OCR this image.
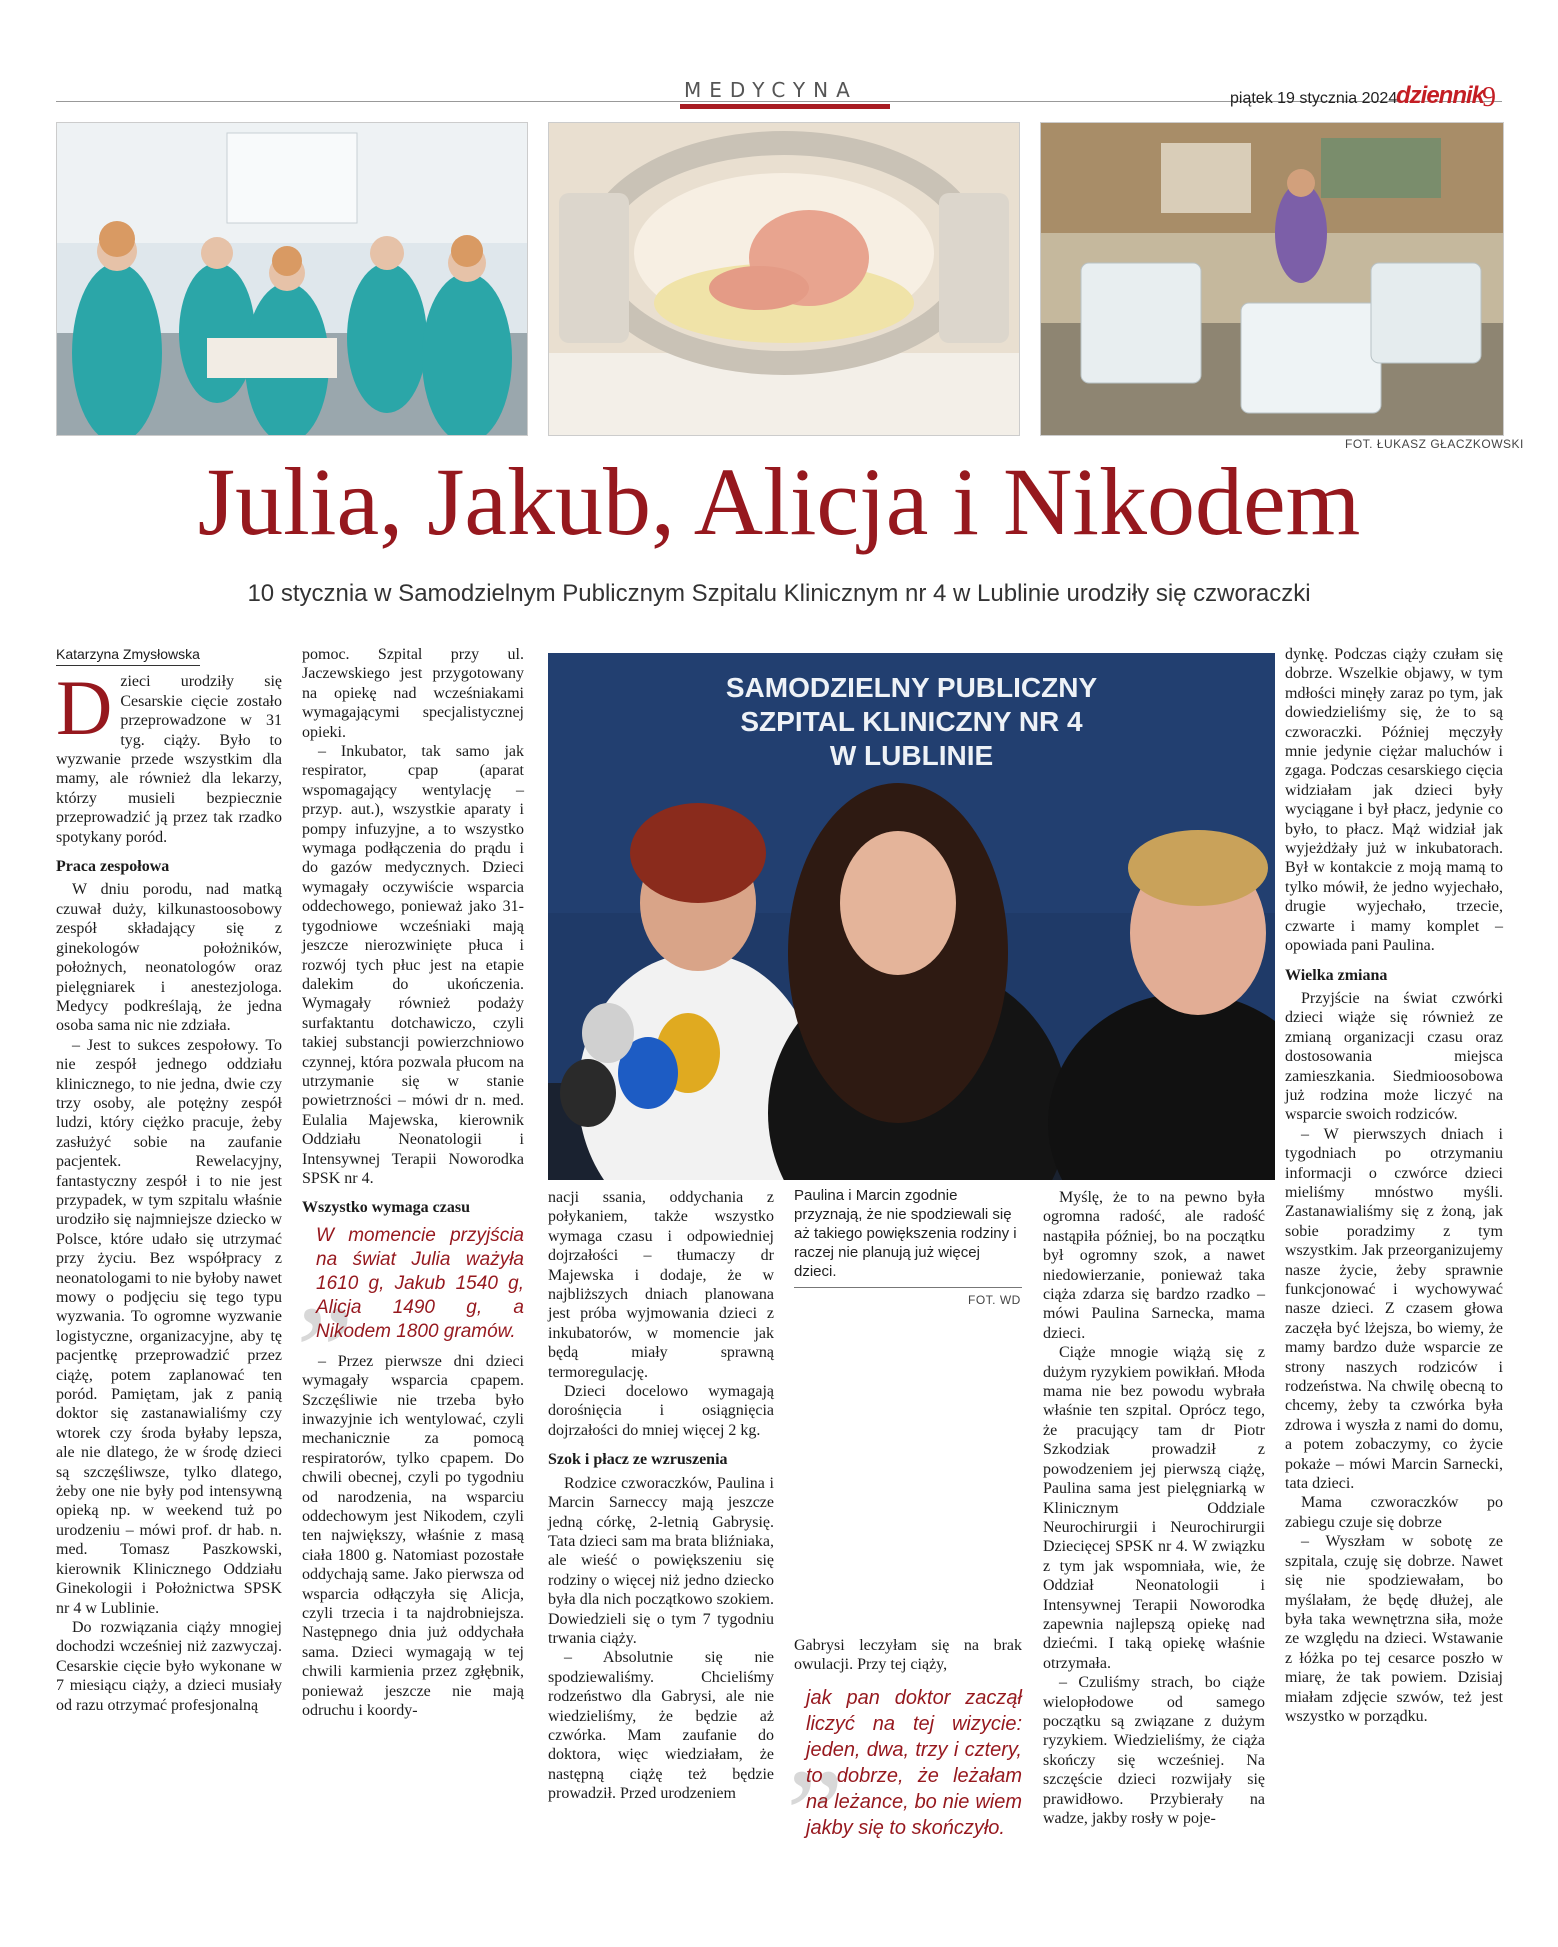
MEDYCYNA	piątek 19 stycznia 2024
dziennik
9
FOT. ŁUKASZ GŁACZKOWSKI
Julia, Jakub, Alicja i Nikodem
10 stycznia w Samodzielnym Publicznym Szpitalu Klinicznym nr 4 w Lublinie urodziły się czworaczki
Katarzyna Zmysłowska

Dzieci urodziły się Cesarskie cięcie zostało przeprowadzone w 31 tyg. ciąży. Było to wyzwanie przede wszystkim dla mamy, ale również dla lekarzy, którzy musieli bezpiecznie przeprowadzić ją przez tak rzadko spotykany poród.

Praca zespołowa

W dniu porodu, nad matką czuwał duży, kilkunastoosobowy zespół składający się z ginekologów położników, położnych, neonatologów oraz pielęgniarek i anestezjologa. Medycy podkreślają, że jedna osoba sama nic nie zdziała.

– Jest to sukces zespołowy. To nie zespół jednego oddziału klinicznego, to nie jedna, dwie czy trzy osoby, ale potężny zespół ludzi, który ciężko pracuje, żeby zasłużyć sobie na zaufanie pacjentek. Rewelacyjny, fantastyczny zespół i to nie jest przypadek, w tym szpitalu właśnie urodziło się najmniejsze dziecko w Polsce, które udało się utrzymać przy życiu. Bez współpracy z neonatologami to nie byłoby nawet mowy o podjęciu się tego typu wyzwania. To ogromne wyzwanie logistyczne, organizacyjne, aby tę pacjentkę przeprowadzić przez ciążę, potem zaplanować ten poród. Pamiętam, jak z panią doktor się zastanawialiśmy czy wtorek czy środa byłaby lepsza, ale nie dlatego, że w środę dzieci są szczęśliwsze, tylko dlatego, żeby one nie były pod intensywną opieką np. w weekend tuż po urodzeniu – mówi prof. dr hab. n. med. Tomasz Paszkowski, kierownik Klinicznego Oddziału Ginekologii i Położnictwa SPSK nr 4 w Lublinie.

Do rozwiązania ciąży mnogiej dochodzi wcześniej niż zazwyczaj. Cesarskie cięcie było wykonane w 7 miesiącu ciąży, a dzieci musiały od razu otrzymać profesjonalną

pomoc. Szpital przy ul. Jaczewskiego jest przygotowany na opiekę nad wcześniakami wymagającymi specjalistycznej opieki.

– Inkubator, tak samo jak respirator, cpap (aparat wspomagający wentylację – przyp. aut.), wszystkie aparaty i pompy infuzyjne, a to wszystko wymaga podłączenia do prądu i do gazów medycznych. Dzieci wymagały oczywiście wsparcia oddechowego, ponieważ jako 31-tygodniowe wcześniaki mają jeszcze nierozwinięte płuca i rozwój tych płuc jest na etapie dalekim do ukończenia. Wymagały również podaży surfaktantu dotchawiczo, czyli takiej substancji powierzchniowo czynnej, która pozwala płucom na utrzymanie się w stanie powietrzności – mówi dr n. med. Eulalia Majewska, kierownik Oddziału Neonatologii i Intensywnej Terapii Noworodka SPSK nr 4.

Wszystko wymaga czasu
„
W momencie przyjścia na świat Julia ważyła 1610 g, Jakub 1540 g, Alicja 1490 g, a Nikodem 1800 gramów.

– Przez pierwsze dni dzieci wymagały wsparcia cpapem. Szczęśliwie nie trzeba było inwazyjnie ich wentylować, czyli mechanicznie za pomocą respiratorów, tylko cpapem. Do chwili obecnej, czyli po tygodniu od narodzenia, na wsparciu oddechowym jest Nikodem, czyli ten największy, właśnie z masą ciała 1800 g. Natomiast pozostałe oddychają same. Jako pierwsza od wsparcia odłączyła się Alicja, czyli trzecia i ta najdrobniejsza. Następnego dnia już oddychała sama. Dzieci wymagają w tej chwili karmienia przez zgłębnik, ponieważ jeszcze nie mają odruchu i koordy-

SAMODZIELNY PUBLICZNY
SZPITAL KLINICZNY NR 4
W LUBLINIE

nacji ssania, oddychania z połykaniem, także wszystko wymaga czasu i odpowiedniej dojrzałości – tłumaczy dr Majewska i dodaje, że w najbliższych dniach planowana jest próba wyjmowania dzieci z inkubatorów, w momencie jak będą miały sprawną termoregulację.

Dzieci docelowo wymagają dorośnięcia i osiągnięcia dojrzałości do mniej więcej 2 kg.

Szok i płacz ze wzruszenia

Rodzice czworaczków, Paulina i Marcin Sarneccy mają jeszcze jedną córkę, 2-letnią Gabrysię. Tata dzieci sam ma brata bliźniaka, ale wieść o powiększeniu się rodziny o więcej niż jedno dziecko była dla nich początkowo szokiem. Dowiedzieli się o tym 7 tygodniu trwania ciąży.

– Absolutnie się nie spodziewaliśmy. Chcieliśmy rodzeństwo dla Gabrysi, ale nie wiedzieliśmy, że będzie aż czwórka. Mam zaufanie do doktora, więc wiedziałam, że następną ciążę też będzie prowadził. Przed urodzeniem

Paulina i Marcin zgodnie przyznają, że nie spodziewali się aż takiego powiększenia rodziny i raczej nie planują już więcej dzieci.
FOT. WD

Gabrysi leczyłam się na brak owulacji. Przy tej ciąży,

„
jak pan doktor zaczął liczyć na tej wizycie: jeden, dwa, trzy i cztery, to dobrze, że leżałam na leżance, bo nie wiem jakby się to skończyło.

Myślę, że to na pewno była ogromna radość, ale radość nastąpiła później, bo na początku był ogromny szok, a nawet niedowierzanie, ponieważ taka ciąża zdarza się bardzo rzadko – mówi Paulina Sarnecka, mama dzieci.

Ciąże mnogie wiążą się z dużym ryzykiem powikłań. Młoda mama nie bez powodu wybrała właśnie ten szpital. Oprócz tego, że pracujący tam dr Piotr Szkodziak prowadził z powodzeniem jej pierwszą ciążę, Paulina sama jest pielęgniarką w Klinicznym Oddziale Neurochirurgii i Neurochirurgii Dziecięcej SPSK nr 4. W związku z tym jak wspomniała, wie, że Oddział Neonatologii i Intensywnej Terapii Noworodka zapewnia najlepszą opiekę nad dziećmi. I taką opiekę właśnie otrzymała.

– Czuliśmy strach, bo ciąże wielopłodowe od samego początku są związane z dużym ryzykiem. Wiedzieliśmy, że ciąża skończy się wcześniej. Na szczęście dzieci rozwijały się prawidłowo. Przybierały na wadze, jakby rosły w poje-

dynkę. Podczas ciąży czułam się dobrze. Wszelkie objawy, w tym mdłości minęły zaraz po tym, jak dowiedzieliśmy się, że to są czworaczki. Później męczyły mnie jedynie ciężar maluchów i zgaga. Podczas cesarskiego cięcia widziałam jak dzieci były wyciągane i był płacz, jedynie co było, to płacz. Mąż widział jak wyjeżdżały już w inkubatorach. Był w kontakcie z moją mamą to tylko mówił, że jedno wyjechało, drugie wyjechało, trzecie, czwarte i mamy komplet – opowiada pani Paulina.

Wielka zmiana

Przyjście na świat czwórki dzieci wiąże się również ze zmianą organizacji czasu oraz dostosowania miejsca zamieszkania. Siedmioosobowa już rodzina może liczyć na wsparcie swoich rodziców.

– W pierwszych dniach i tygodniach po otrzymaniu informacji o czwórce dzieci mieliśmy mnóstwo myśli. Zastanawialiśmy się z żoną, jak sobie poradzimy z tym wszystkim. Jak przeorganizujemy nasze życie, żeby sprawnie funkcjonować i wychowywać nasze dzieci. Z czasem głowa zaczęła być lżejsza, bo wiemy, że mamy bardzo duże wsparcie ze strony naszych rodziców i rodzeństwa. Na chwilę obecną to chcemy, żeby ta czwórka była zdrowa i wyszła z nami do domu, a potem zobaczymy, co życie pokaże – mówi Marcin Sarnecki, tata dzieci.

Mama czworaczków po zabiegu czuje się dobrze

– Wyszłam w sobotę ze szpitala, czuję się dobrze. Nawet się nie spodziewałam, bo myślałam, że będę dłużej, ale była taka wewnętrzna siła, może ze względu na dzieci. Wstawanie z łóżka po tej cesarce poszło w miarę, że tak powiem. Dzisiaj miałam zdjęcie szwów, też jest wszystko w porządku.
